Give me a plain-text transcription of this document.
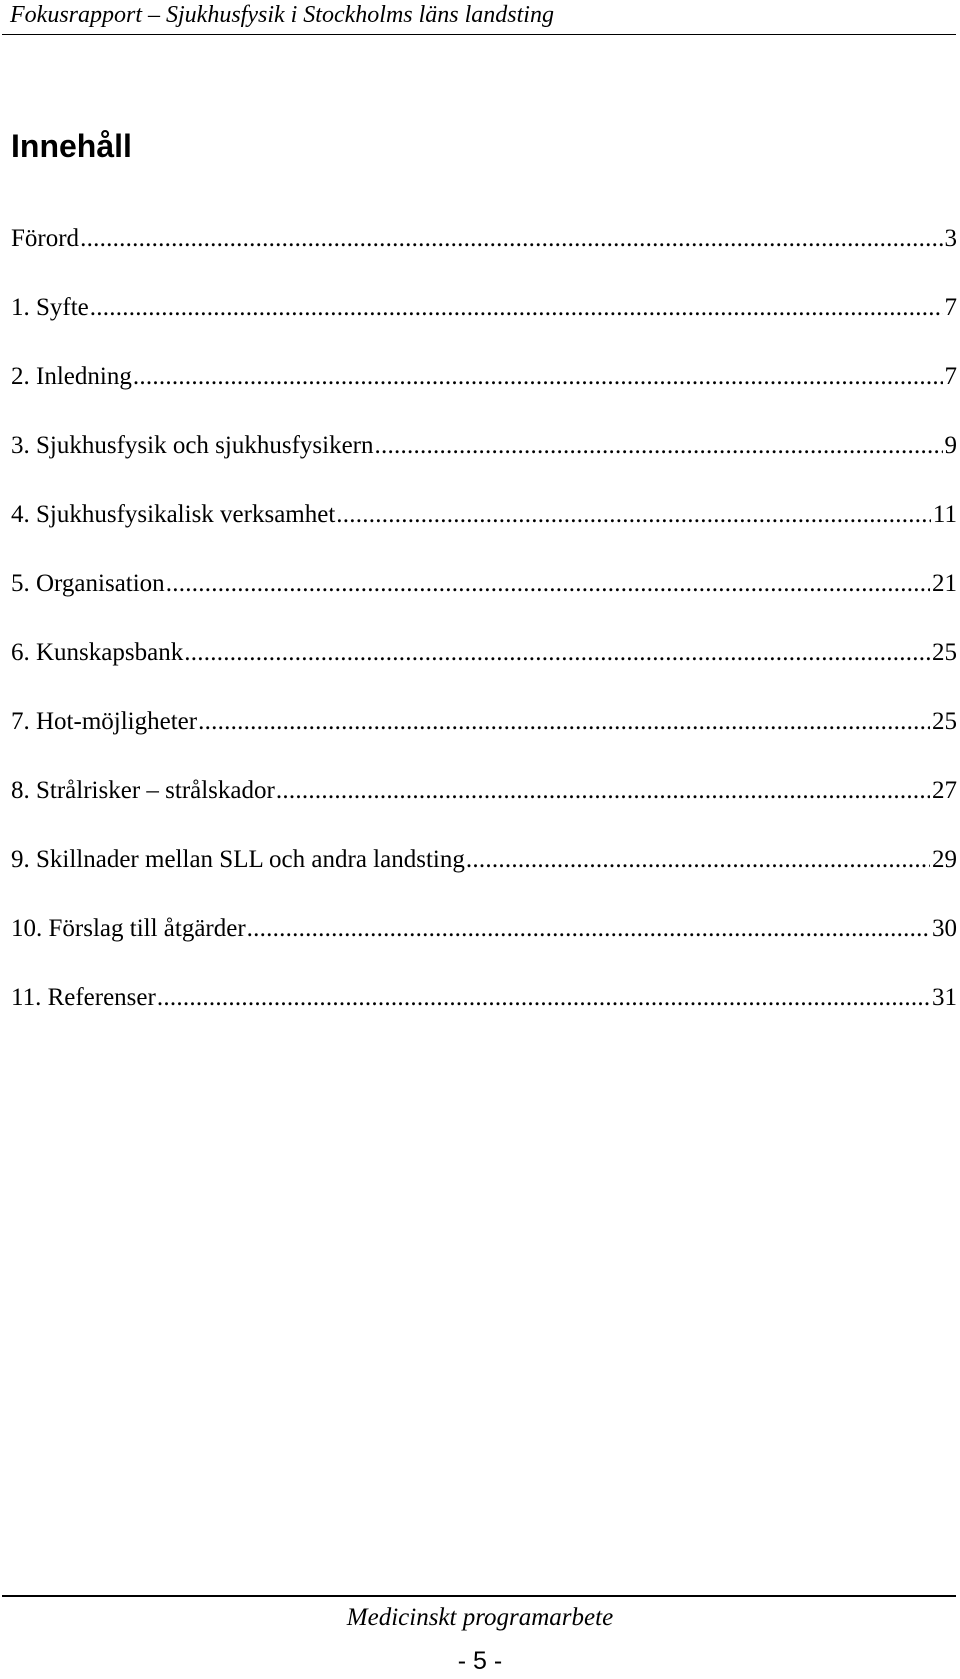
Fokusrapport – Sjukhusfysik i Stockholms läns landsting
Innehåll
Förord . . .	3
1. Syfte . . .	7
2. Inledning . . .	7
3. Sjukhusfysik och sjukhusfysikern . . .	9
4. Sjukhusfysikalisk verksamhet . . .	11
5. Organisation . . .	21
6. Kunskapsbank . . .	25
7. Hot-möjligheter . . .	25
8. Strålrisker – strålskador . . .	27
9. Skillnader mellan SLL och andra landsting . . .	29
10. Förslag till åtgärder . . .	30
11. Referenser . . .	31
Medicinskt programarbete
- 5 -
